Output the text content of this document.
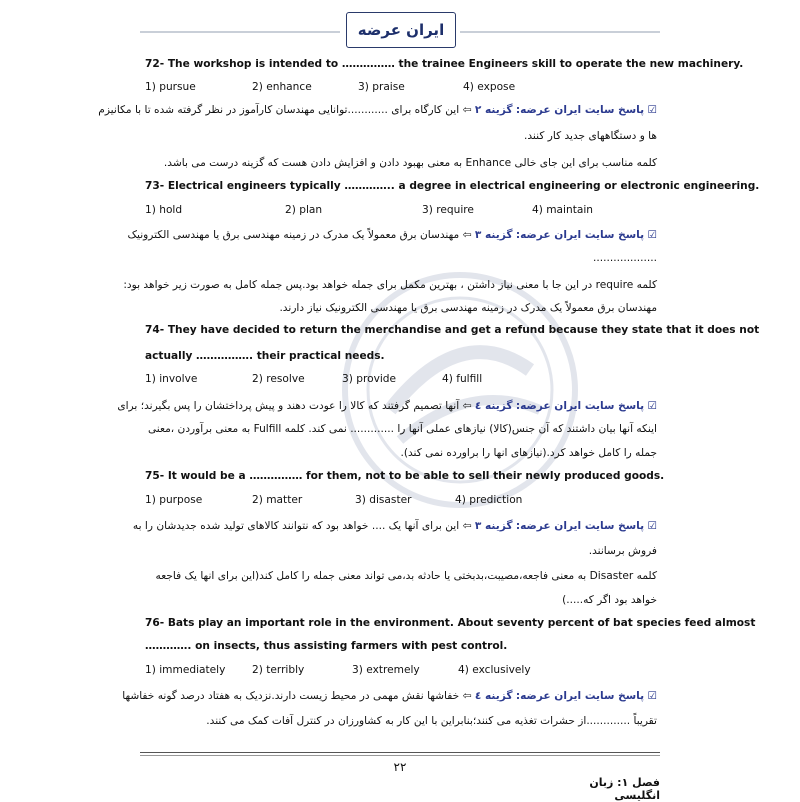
ایران عرضه
72- The workshop is intended to …………… the trainee Engineers skill to operate the new machinery.
1) pursue	2) enhance	3) praise	4) expose
☑ پاسخ سایت ایران عرضه: گزینه ۲ ⇦ این کارگاه برای ............توانایی مهندسان کارآموز در نظر گرفته شده تا با مکانیزم
ها و دستگاههای جدید کار کنند.
کلمه مناسب برای این جای خالی Enhance به معنی بهبود دادن و افزایش دادن هست که گزینه درست می باشد.
73- Electrical engineers typically ………….. a degree in electrical engineering or electronic engineering.
1) hold	2) plan	3) require	4) maintain
☑ پاسخ سایت ایران عرضه: گزینه ۳ ⇦ مهندسان برق معمولاً یک مدرک در زمینه مهندسی برق یا مهندسی الکترونیک
...................
کلمه require در این جا با معنی نیاز داشتن ، بهترین مکمل برای جمله خواهد بود.پس جمله کامل به صورت زیر خواهد بود:
مهندسان برق معمولاً یک مدرک در زمینه مهندسی برق یا مهندسی الکترونیک نیاز دارند.
74- They have decided to return the merchandise and get a refund because they state that it does not
actually ……………. their practical needs.
1) involve	2) resolve	3) provide	4) fulfill
☑ پاسخ سایت ایران عرضه: گزینه ٤ ⇦ آنها تصمیم گرفتند که کالا را عودت دهند و پیش پرداختشان را پس بگیرند؛ برای
اینکه آنها بیان داشتند که آن جنس(کالا) نیازهای عملی آنها را ............. نمی کند. کلمه Fulfill به معنی برآوردن ،معنی
جمله را کامل خواهد کرد.(نیازهای انها را براورده نمی کند).
75- It would be a …………… for them, not to be able to sell their newly produced goods.
1) purpose	2) matter	3) disaster	4) prediction
☑ پاسخ سایت ایران عرضه: گزینه ۳ ⇦ این برای آنها یک .... خواهد بود که نتوانند کالاهای تولید شده جدیدشان را به
فروش برسانند.
کلمه Disaster به معنی فاجعه،مصیبت،بدبختی یا حادثه بد،می تواند معنی جمله را کامل کند(این برای انها یک فاجعه
خواهد بود اگر که.....)
76- Bats play an important role in the environment. About seventy percent of bat species feed almost
…………. on insects, thus assisting farmers with pest control.
1) immediately	2) terribly	3) extremely	4) exclusively
☑ پاسخ سایت ایران عرضه: گزینه ٤ ⇦ خفاشها نقش مهمی در محیط زیست دارند.نزدیک به هفتاد درصد گونه خفاشها
تقریباً .............از حشرات تغذیه می کنند؛بنابراین با این کار به کشاورزان در کنترل آفات کمک می کنند.
۲۲
فصل ۱: زبان انگلیسی
